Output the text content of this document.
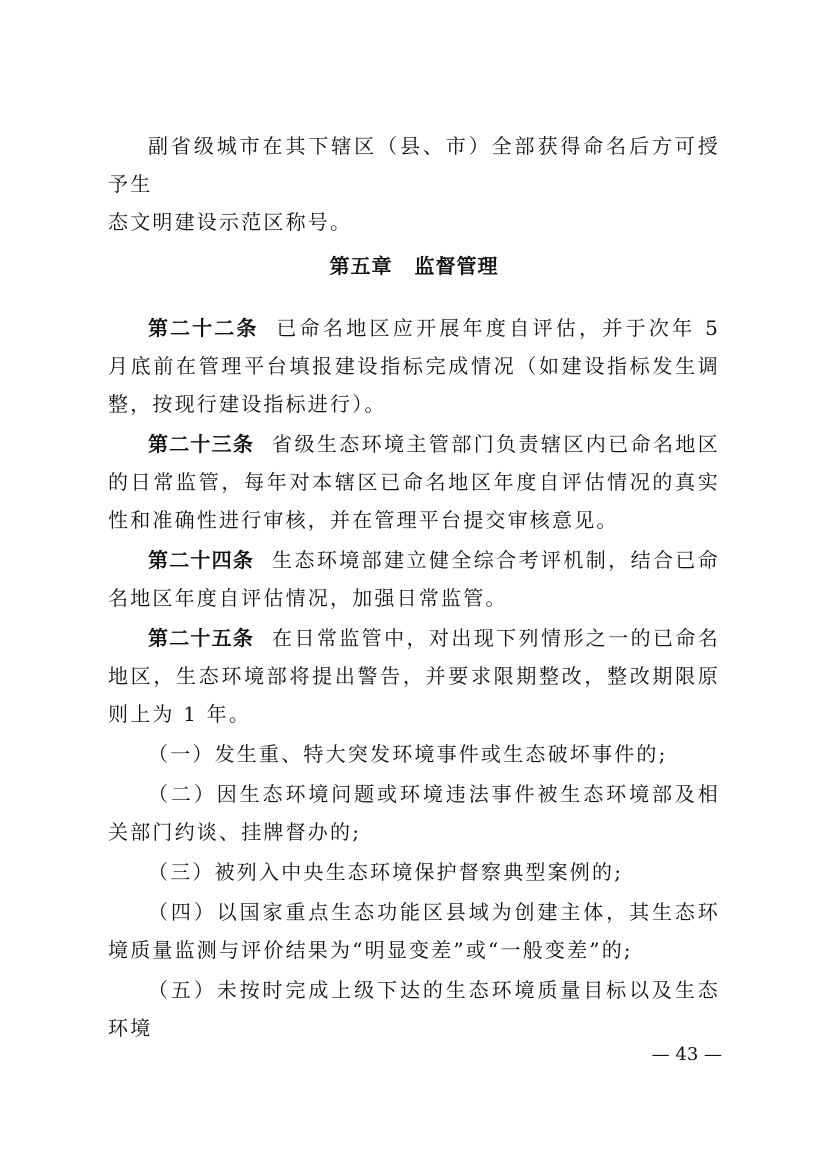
副省级城市在其下辖区（县、市）全部获得命名后方可授予生

态文明建设示范区称号。

第五章 监督管理

第二十二条 已命名地区应开展年度自评估，并于次年 5 月底前在管理平台填报建设指标完成情况（如建设指标发生调整，按现行建设指标进行）。

第二十三条 省级生态环境主管部门负责辖区内已命名地区的日常监管，每年对本辖区已命名地区年度自评估情况的真实性和准确性进行审核，并在管理平台提交审核意见。

第二十四条 生态环境部建立健全综合考评机制，结合已命名地区年度自评估情况，加强日常监管。

第二十五条 在日常监管中，对出现下列情形之一的已命名地区，生态环境部将提出警告，并要求限期整改，整改期限原则上为 1 年。

（一）发生重、特大突发环境事件或生态破坏事件的;

（二）因生态环境问题或环境违法事件被生态环境部及相关部门约谈、挂牌督办的;

（三）被列入中央生态环境保护督察典型案例的;

（四）以国家重点生态功能区县域为创建主体，其生态环境质量监测与评价结果为“明显变差”或“一般变差”的;

（五）未按时完成上级下达的生态环境质量目标以及生态环境

— 43 —
